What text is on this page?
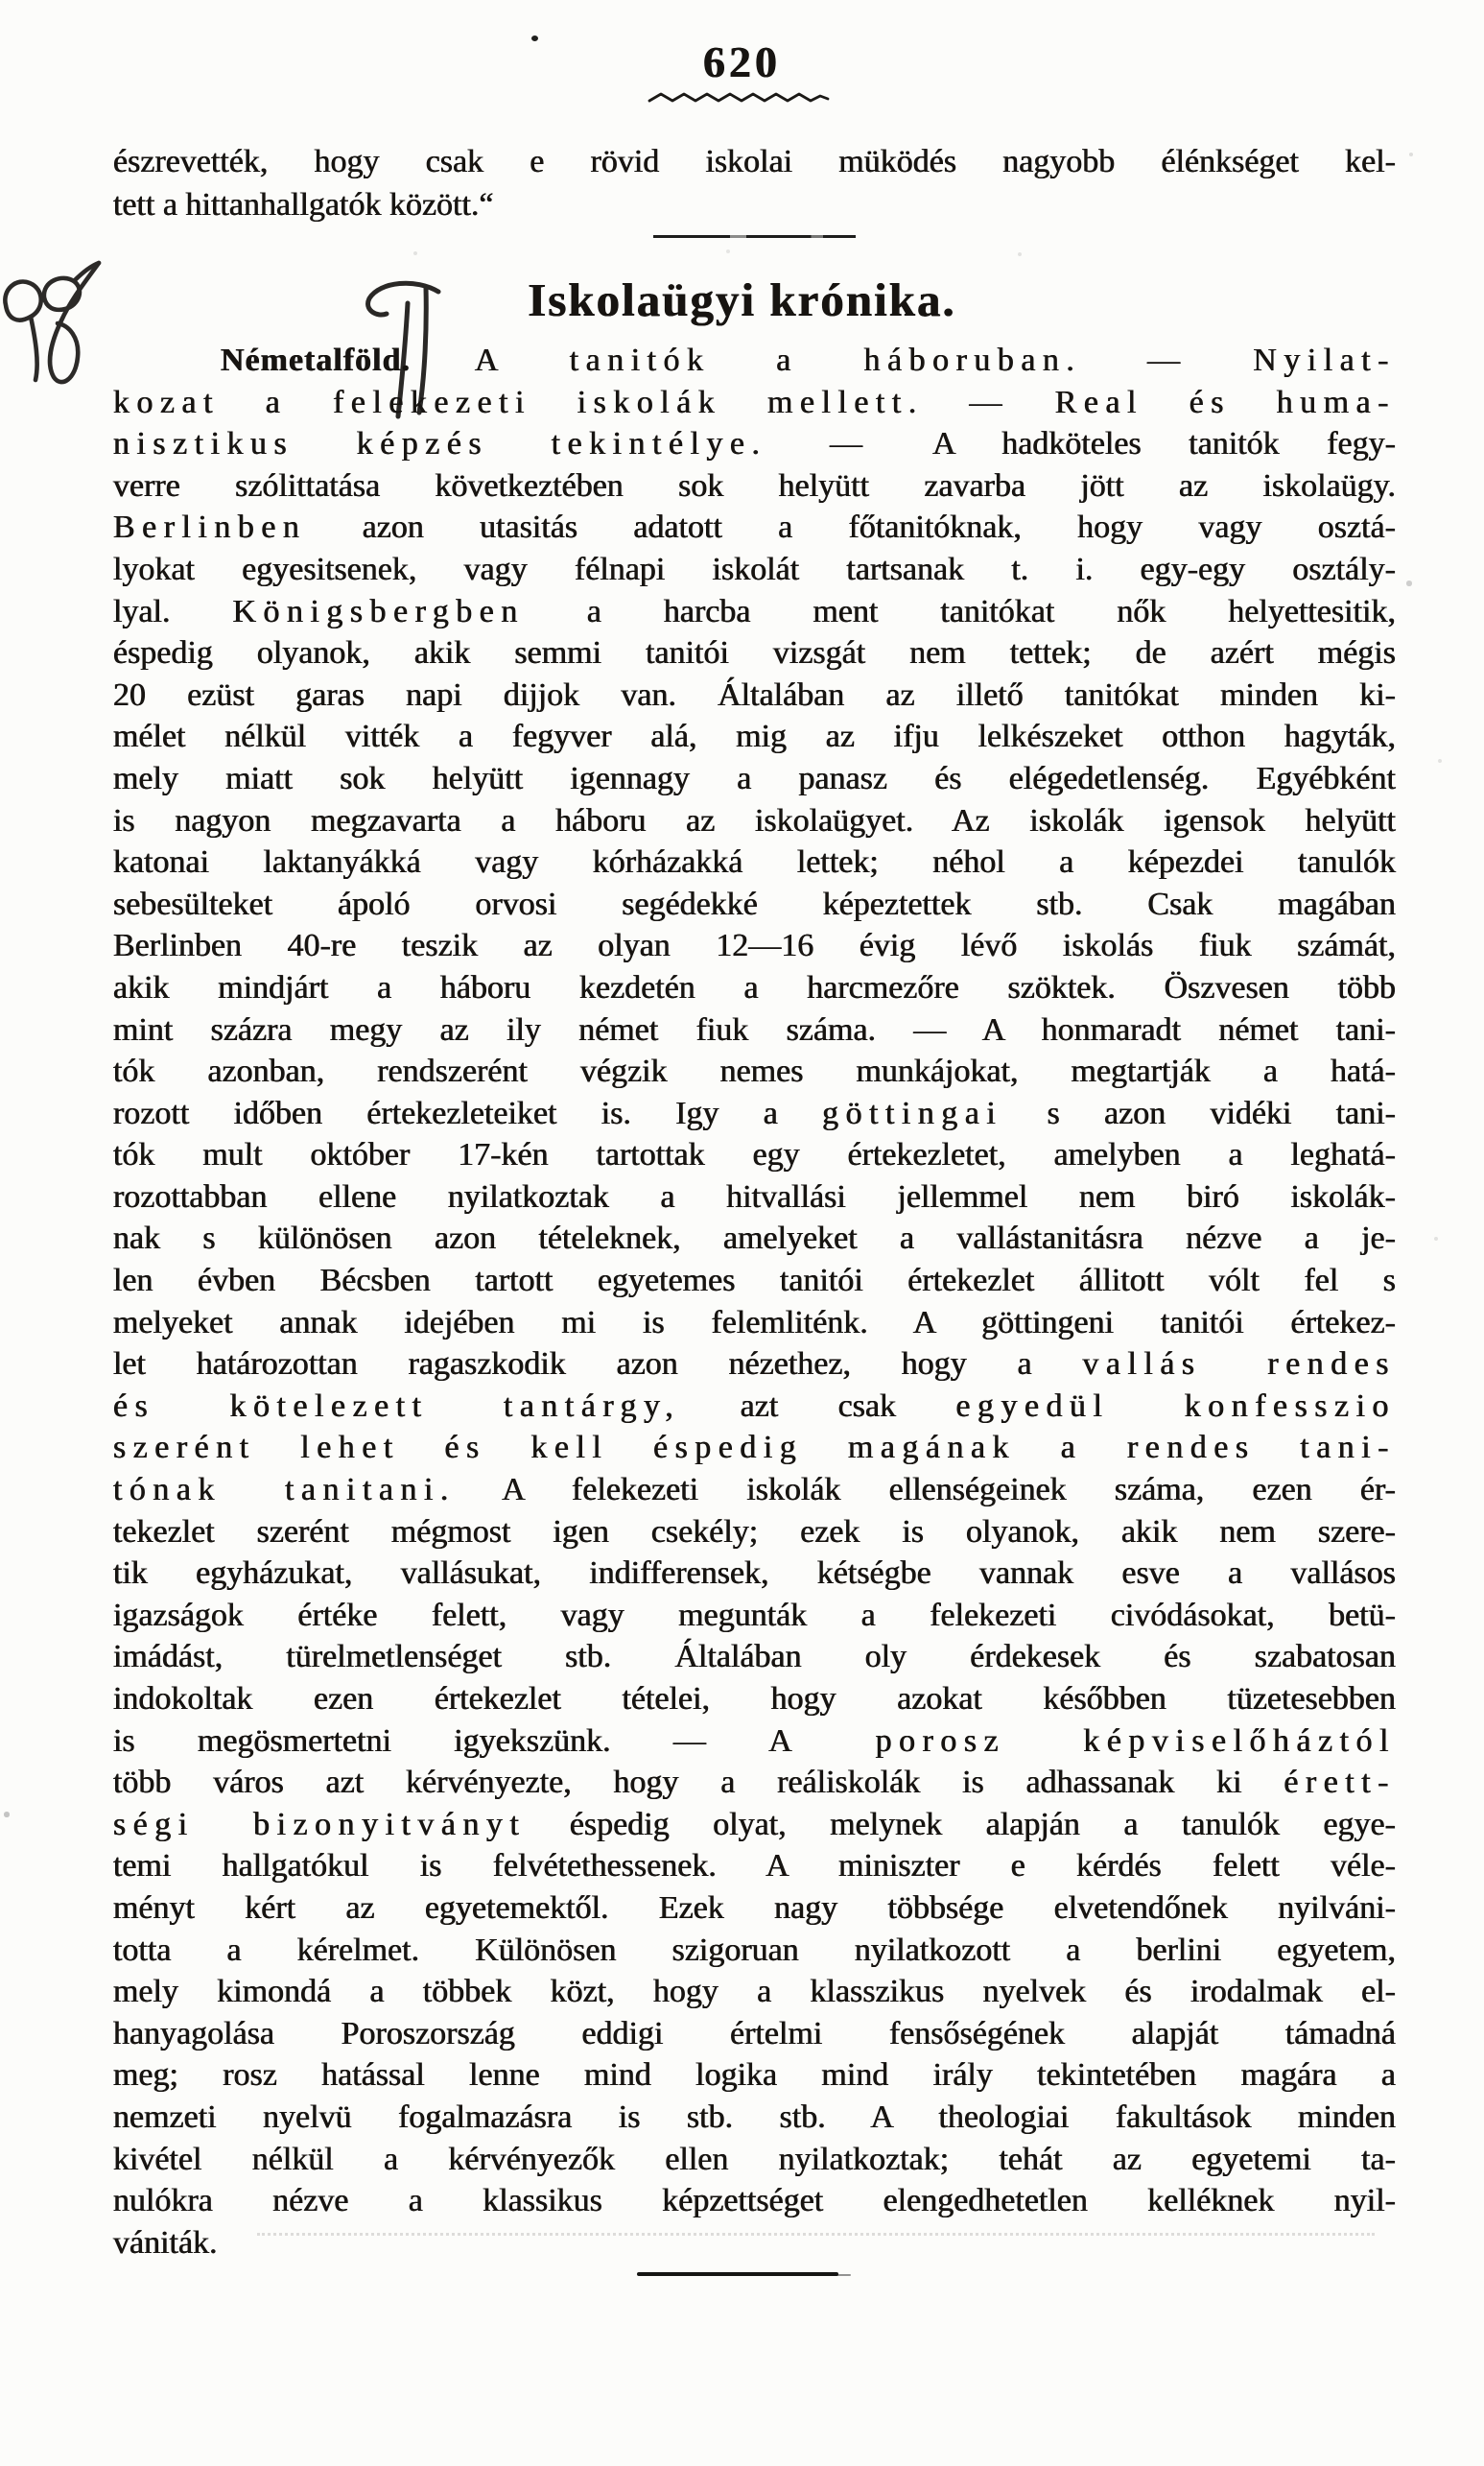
620
észrevették, hogy csak e rövid iskolai müködés nagyobb élénkséget kel-
tett a hittanhallgatók között.“
Iskolaügyi krónika.
Németalföld. A tanitók a háboruban. — Nyilat-
kozat a felekezeti iskolák mellett. — Real és huma-
nisztikus képzés tekintélye. — A hadköteles tanitók fegy-
verre szólittatása következtében sok helyütt zavarba jött az iskolaügy.
Berlinben azon utasitás adatott a főtanitóknak, hogy vagy osztá-
lyokat egyesitsenek, vagy félnapi iskolát tartsanak t. i. egy-egy osztály-
lyal. Königsbergben a harcba ment tanitókat nők helyettesitik,
éspedig olyanok, akik semmi tanitói vizsgát nem tettek; de azért mégis
20 ezüst garas napi dijjok van. Általában az illető tanitókat minden ki-
mélet nélkül vitték a fegyver alá, mig az ifju lelkészeket otthon hagyták,
mely miatt sok helyütt igennagy a panasz és elégedetlenség. Egyébként
is nagyon megzavarta a háboru az iskolaügyet. Az iskolák igensok helyütt
katonai laktanyákká vagy kórházakká lettek; néhol a képezdei tanulók
sebesülteket ápoló orvosi segédekké képeztettek stb. Csak magában
Berlinben 40-re teszik az olyan 12—16 évig lévő iskolás fiuk számát,
akik mindjárt a háboru kezdetén a harcmezőre szöktek. Öszvesen több
mint százra megy az ily német fiuk száma. — A honmaradt német tani-
tók azonban, rendszerént végzik nemes munkájokat, megtartják a hatá-
rozott időben értekezleteiket is. Igy a göttingai s azon vidéki tani-
tók mult október 17-kén tartottak egy értekezletet, amelyben a leghatá-
rozottabban ellene nyilatkoztak a hitvallási jellemmel nem biró iskolák-
nak s különösen azon tételeknek, amelyeket a vallástanitásra nézve a je-
len évben Bécsben tartott egyetemes tanitói értekezlet állitott vólt fel s
melyeket annak idejében mi is felemliténk. A göttingeni tanitói értekez-
let határozottan ragaszkodik azon nézethez, hogy a vallás rendes
és kötelezett tantárgy, azt csak egyedül konfesszio
szerént lehet és kell éspedig magának a rendes tani-
tónak tanitani. A felekezeti iskolák ellenségeinek száma, ezen ér-
tekezlet szerént mégmost igen csekély; ezek is olyanok, akik nem szere-
tik egyházukat, vallásukat, indifferensek, kétségbe vannak esve a vallásos
igazságok értéke felett, vagy megunták a felekezeti civódásokat, betü-
imádást, türelmetlenséget stb. Általában oly érdekesek és szabatosan
indokoltak ezen értekezlet tételei, hogy azokat későbben tüzetesebben
is megösmertetni igyekszünk. — A porosz képviselőháztól
több város azt kérvényezte, hogy a reáliskolák is adhassanak ki érett-
ségi bizonyitványt éspedig olyat, melynek alapján a tanulók egye-
temi hallgatókul is felvétethessenek. A miniszter e kérdés felett véle-
ményt kért az egyetemektől. Ezek nagy többsége elvetendőnek nyilváni-
totta a kérelmet. Különösen szigoruan nyilatkozott a berlini egyetem,
mely kimondá a többek közt, hogy a klasszikus nyelvek és irodalmak el-
hanyagolása Poroszország eddigi értelmi fensőségének alapját támadná
meg; rosz hatással lenne mind logika mind irály tekintetében magára a
nemzeti nyelvü fogalmazásra is stb. stb. A theologiai fakultások minden
kivétel nélkül a kérvényezők ellen nyilatkoztak; tehát az egyetemi ta-
nulókra nézve a klassikus képzettséget elengedhetetlen kelléknek nyil-
vániták.
